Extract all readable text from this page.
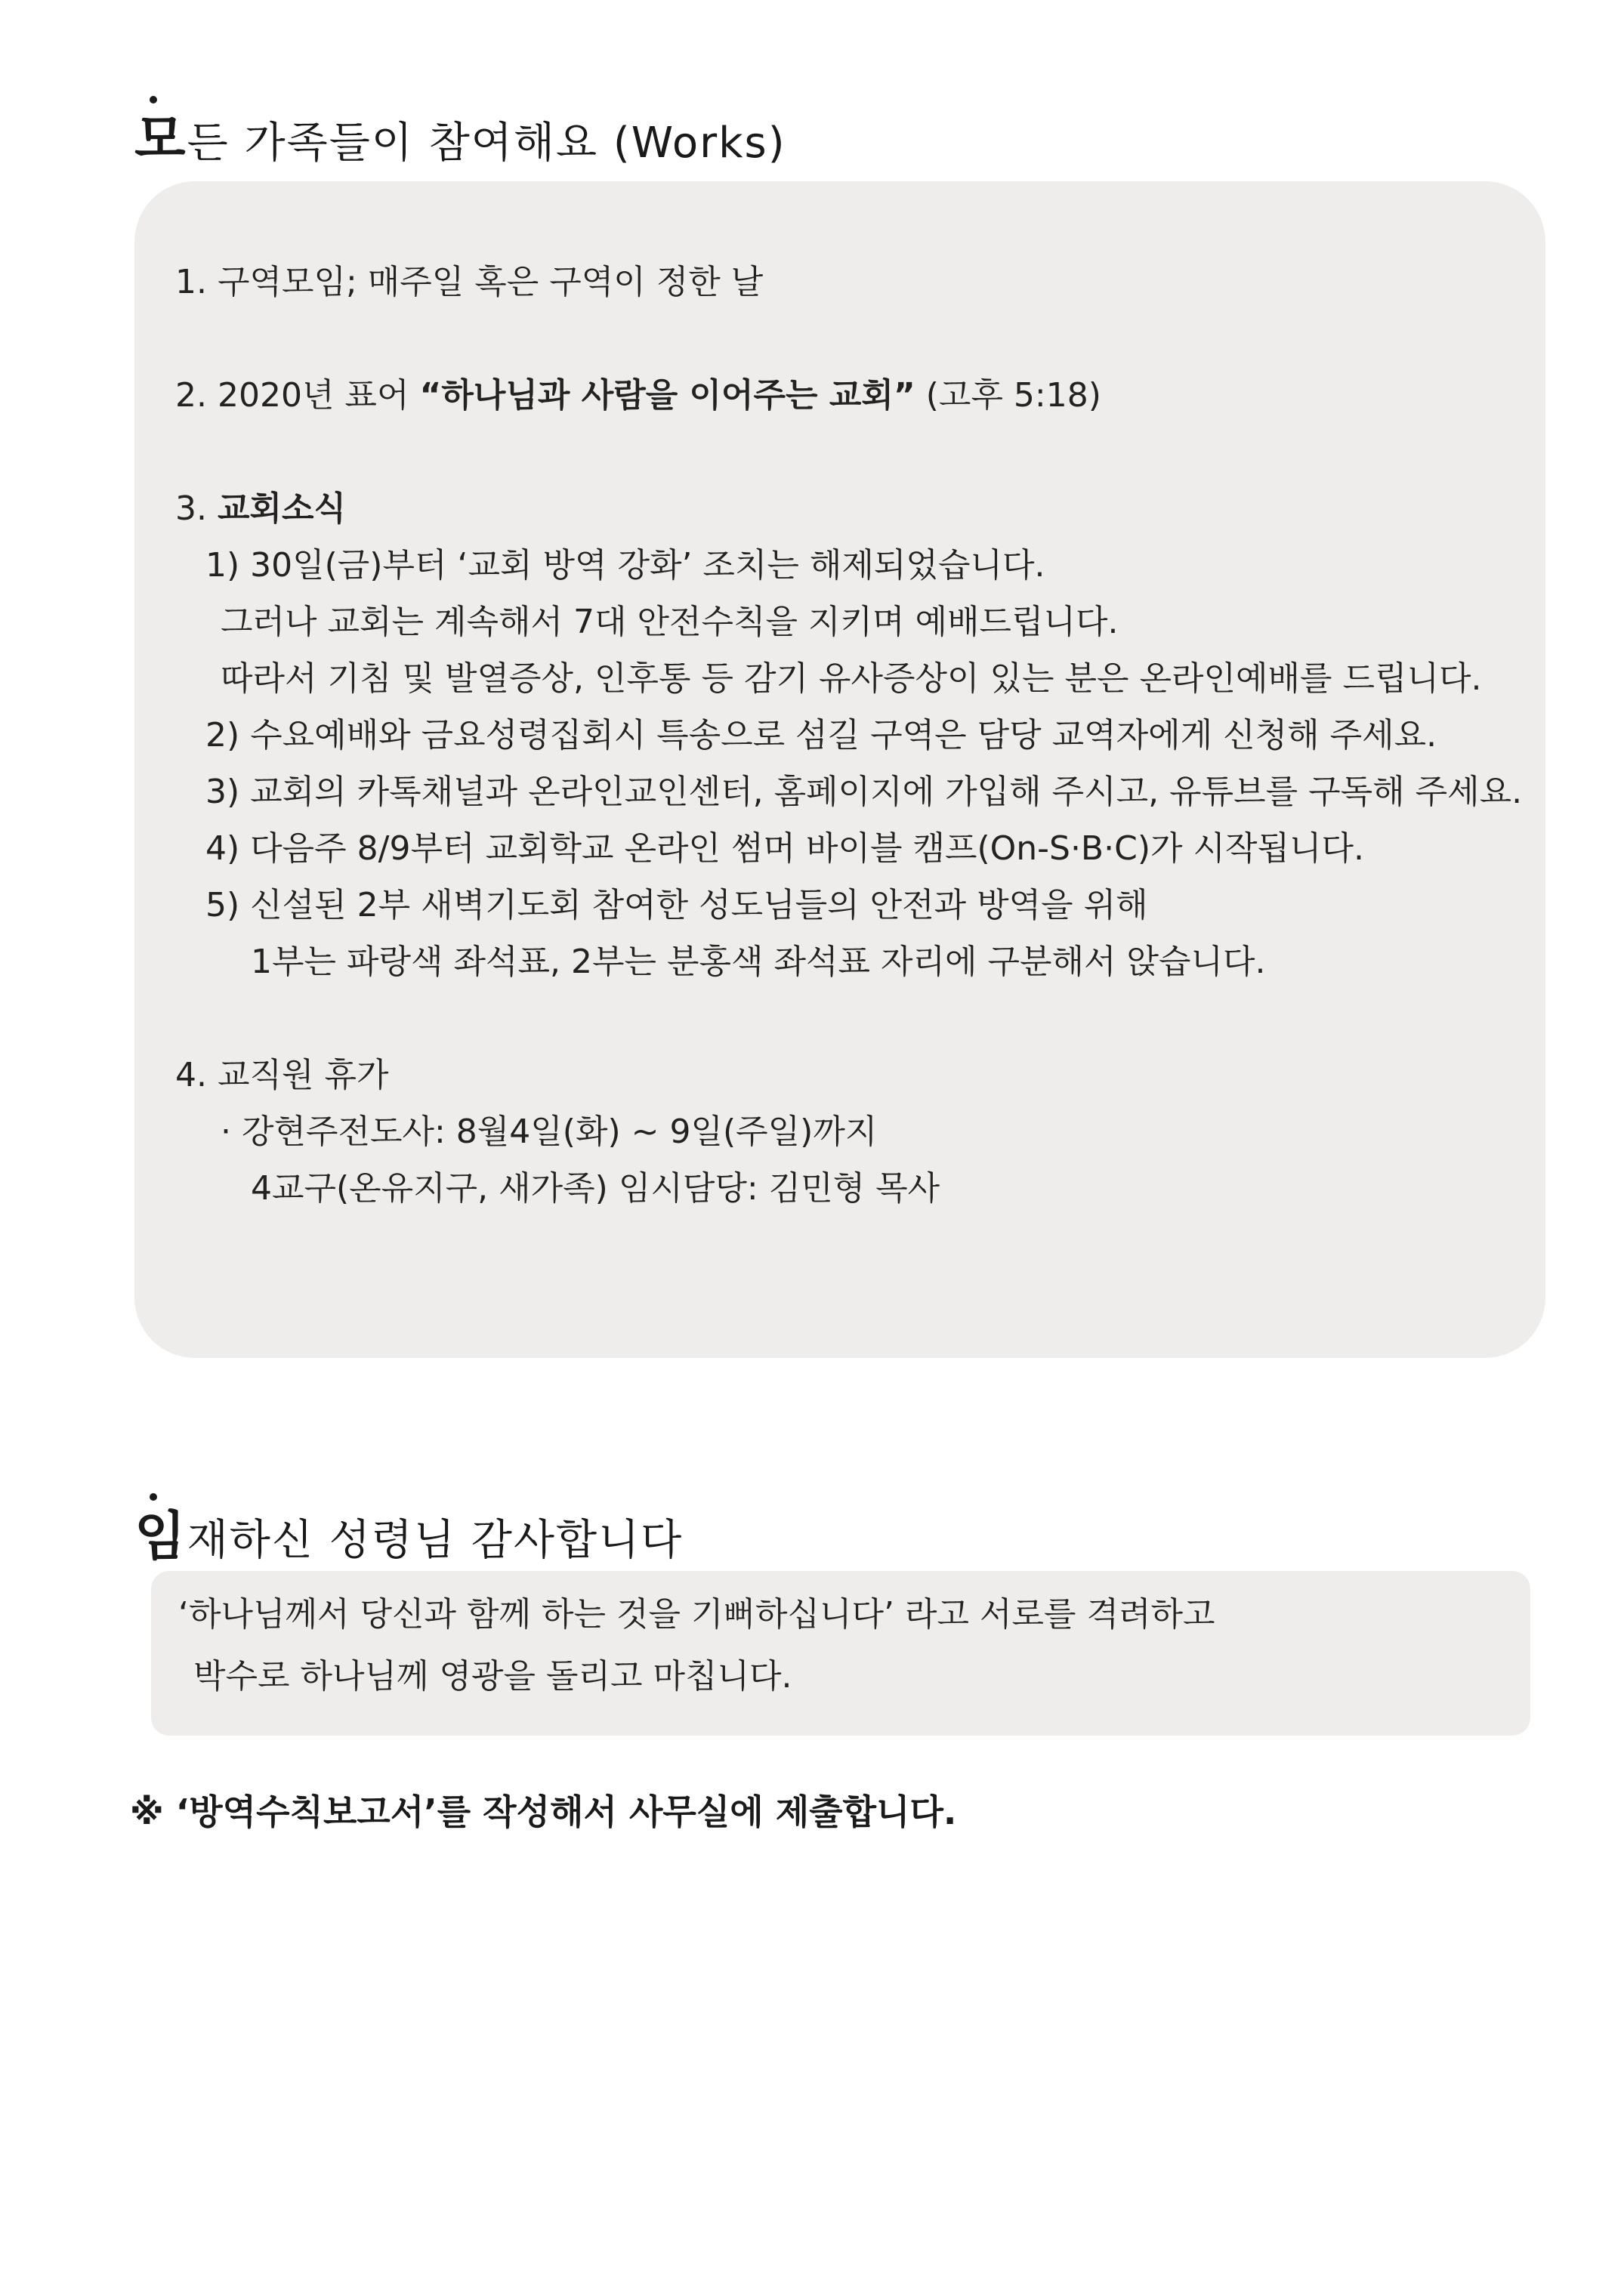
모든 가족들이 참여해요 (Works)
1. 구역모임; 매주일 혹은 구역이 정한 날
2. 2020년 표어 “하나님과 사람을 이어주는 교회” (고후 5:18)
3. 교회소식
1) 30일(금)부터 ‘교회 방역 강화’ 조치는 해제되었습니다.
그러나 교회는 계속해서 7대 안전수칙을 지키며 예배드립니다.
따라서 기침 및 발열증상, 인후통 등 감기 유사증상이 있는 분은 온라인예배를 드립니다.
2) 수요예배와 금요성령집회시 특송으로 섬길 구역은 담당 교역자에게 신청해 주세요.
3) 교회의 카톡채널과 온라인교인센터, 홈페이지에 가입해 주시고, 유튜브를 구독해 주세요.
4) 다음주 8/9부터 교회학교 온라인 썸머 바이블 캠프(On-S·B·C)가 시작됩니다.
5) 신설된 2부 새벽기도회 참여한 성도님들의 안전과 방역을 위해
1부는 파랑색 좌석표, 2부는 분홍색 좌석표 자리에 구분해서 앉습니다.
4. 교직원 휴가
· 강현주전도사: 8월4일(화) ~ 9일(주일)까지
4교구(온유지구, 새가족) 임시담당: 김민형 목사
임재하신 성령님 감사합니다
‘하나님께서 당신과 함께 하는 것을 기뻐하십니다’ 라고 서로를 격려하고
박수로 하나님께 영광을 돌리고 마칩니다.
※ ‘방역수칙보고서’를 작성해서 사무실에 제출합니다.
